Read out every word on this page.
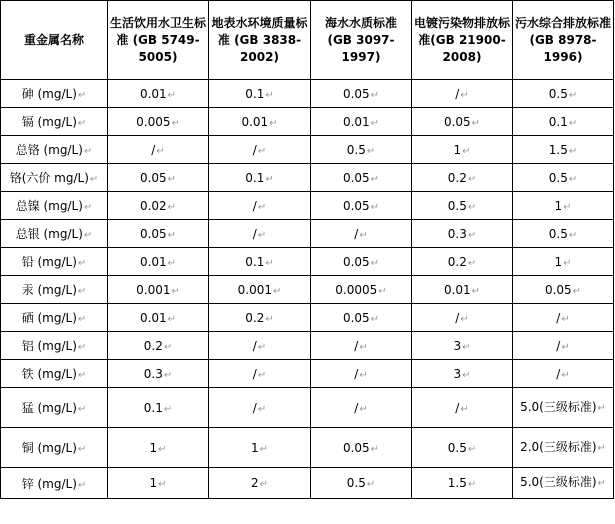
重金属名称	生活饮用水卫生标准 (GB 5749-5005)	地表水环境质量标准 (GB 3838-2002)	海水水质标准 (GB 3097-1997)	电镀污染物排放标准(GB 21900-2008)	污水综合排放标准 (GB 8978-1996)
砷 (mg/L)↵	0.01↵	0.1↵	0.05↵	/↵	0.5↵
镉 (mg/L)↵	0.005↵	0.01↵	0.01↵	0.05↵	0.1↵
总铬 (mg/L)↵	/↵	/↵	0.5↵	1↵	1.5↵
铬(六价 mg/L)↵	0.05↵	0.1↵	0.05↵	0.2↵	0.5↵
总镍 (mg/L)↵	0.02↵	/↵	0.05↵	0.5↵	1↵
总银 (mg/L)↵	0.05↵	/↵	/↵	0.3↵	0.5↵
铅 (mg/L)↵	0.01↵	0.1↵	0.05↵	0.2↵	1↵
汞 (mg/L)↵	0.001↵	0.001↵	0.0005↵	0.01↵	0.05↵
硒 (mg/L)↵	0.01↵	0.2↵	0.05↵	/↵	/↵
铝 (mg/L)↵	0.2↵	/↵	/↵	3↵	/↵
铁 (mg/L)↵	0.3↵	/↵	/↵	3↵	/↵
猛 (mg/L)↵	0.1↵	/↵	/↵	/↵	5.0(三级标准)↵
铜 (mg/L)↵	1↵	1↵	0.05↵	0.5↵	2.0(三级标准)↵
锌 (mg/L)↵	1↵	2↵	0.5↵	1.5↵	5.0(三级标准)↵
